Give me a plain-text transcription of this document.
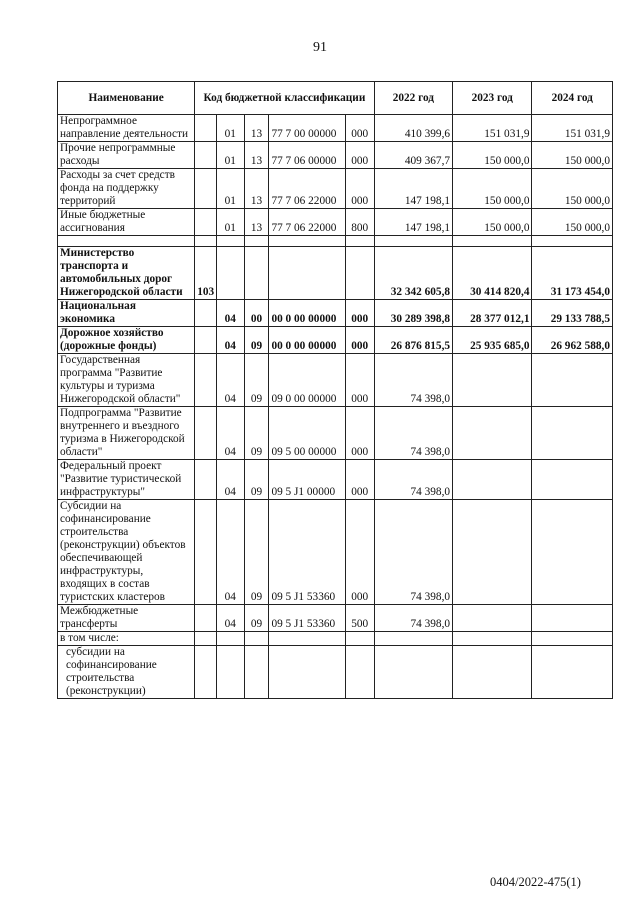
91
Наименование	Код бюджетной классификации					2022 год	2023 год	2024 год
Непрограммное направление деятельности		01	13	77 7 00 00000	000	410 399,6	151 031,9	151 031,9
Прочие непрограммные расходы		01	13	77 7 06 00000	000	409 367,7	150 000,0	150 000,0
Расходы за счет средств фонда на поддержку территорий		01	13	77 7 06 22000	000	147 198,1	150 000,0	150 000,0
Иные бюджетные ассигнования		01	13	77 7 06 22000	800	147 198,1	150 000,0	150 000,0

Министерство транспорта и автомобильных дорог Нижегородской области	103					32 342 605,8	30 414 820,4	31 173 454,0
Национальная экономика		04	00	00 0 00 00000	000	30 289 398,8	28 377 012,1	29 133 788,5
Дорожное хозяйство (дорожные фонды)		04	09	00 0 00 00000	000	26 876 815,5	25 935 685,0	26 962 588,0
Государственная программа "Развитие культуры и туризма Нижегородской области"		04	09	09 0 00 00000	000	74 398,0		
Подпрограмма "Развитие внутреннего и въездного туризма в Нижегородской области"		04	09	09 5 00 00000	000	74 398,0		
Федеральный проект "Развитие туристической инфраструктуры"		04	09	09 5 J1 00000	000	74 398,0		
Субсидии на софинансирование строительства (реконструкции) объектов обеспечивающей инфраструктуры, входящих в состав туристских кластеров		04	09	09 5 J1 53360	000	74 398,0		
Межбюджетные трансферты		04	09	09 5 J1 53360	500	74 398,0		
в том числе:								
субсидии на софинансирование строительства (реконструкции)								
0404/2022-475(1)
